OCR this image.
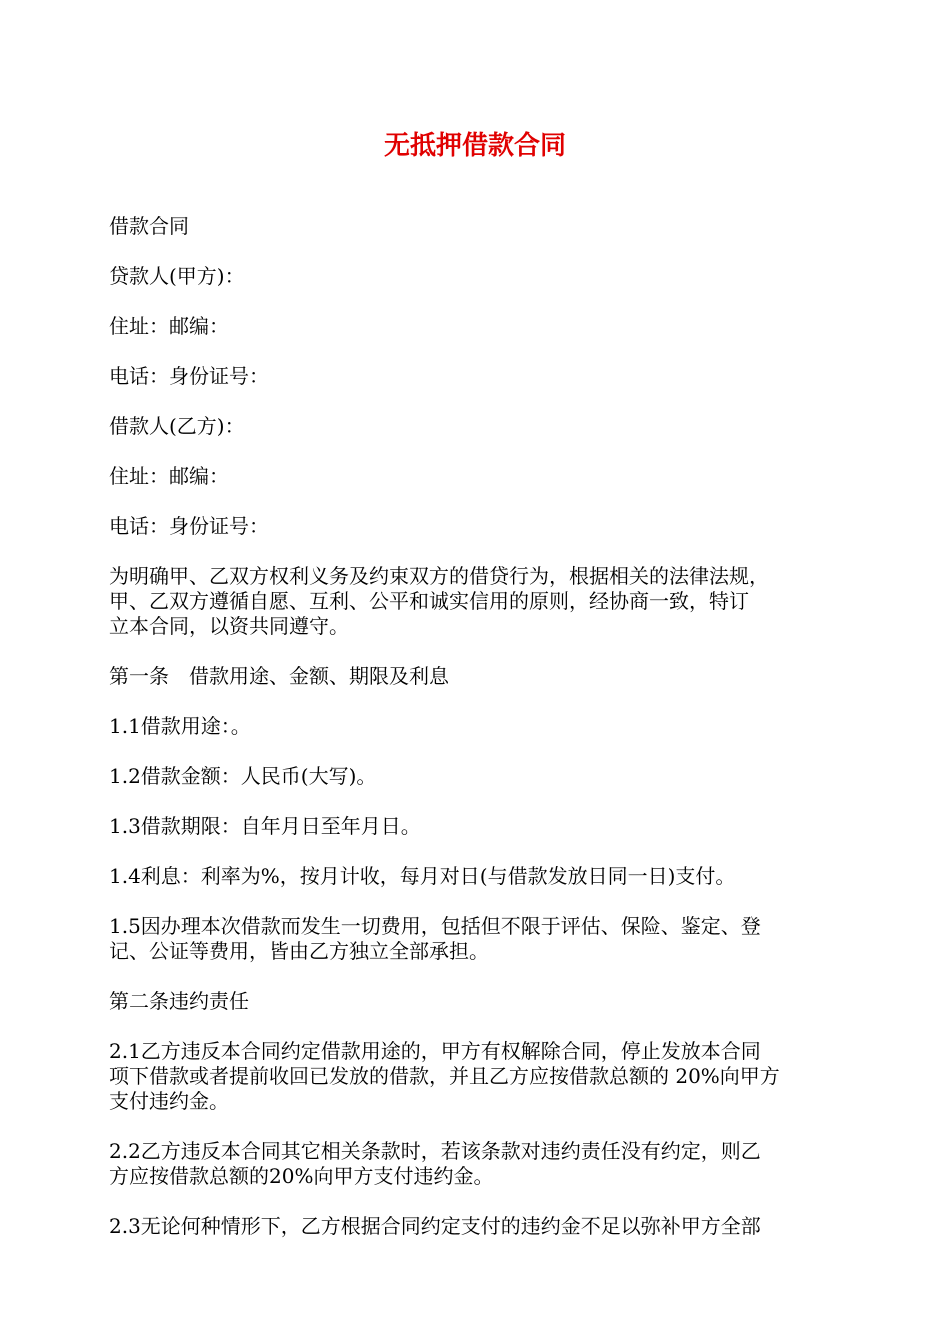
无抵押借款合同
借款合同
贷款人(甲方)：
住址：邮编：
电话：身份证号：
借款人(乙方)：
住址：邮编：
电话：身份证号：
为明确甲、乙双方权利义务及约束双方的借贷行为，根据相关的法律法规，
甲、乙双方遵循自愿、互利、公平和诚实信用的原则，经协商一致，特订
立本合同，以资共同遵守。
第一条　借款用途、金额、期限及利息
1.1借款用途：。
1.2借款金额：人民币(大写)。
1.3借款期限：自年月日至年月日。
1.4利息：利率为%，按月计收，每月对日(与借款发放日同一日)支付。
1.5因办理本次借款而发生一切费用，包括但不限于评估、保险、鉴定、登
记、公证等费用，皆由乙方独立全部承担。
第二条违约责任
2.1乙方违反本合同约定借款用途的，甲方有权解除合同，停止发放本合同
项下借款或者提前收回已发放的借款，并且乙方应按借款总额的 20%向甲方
支付违约金。
2.2乙方违反本合同其它相关条款时，若该条款对违约责任没有约定，则乙
方应按借款总额的20%向甲方支付违约金。
2.3无论何种情形下，乙方根据合同约定支付的违约金不足以弥补甲方全部
